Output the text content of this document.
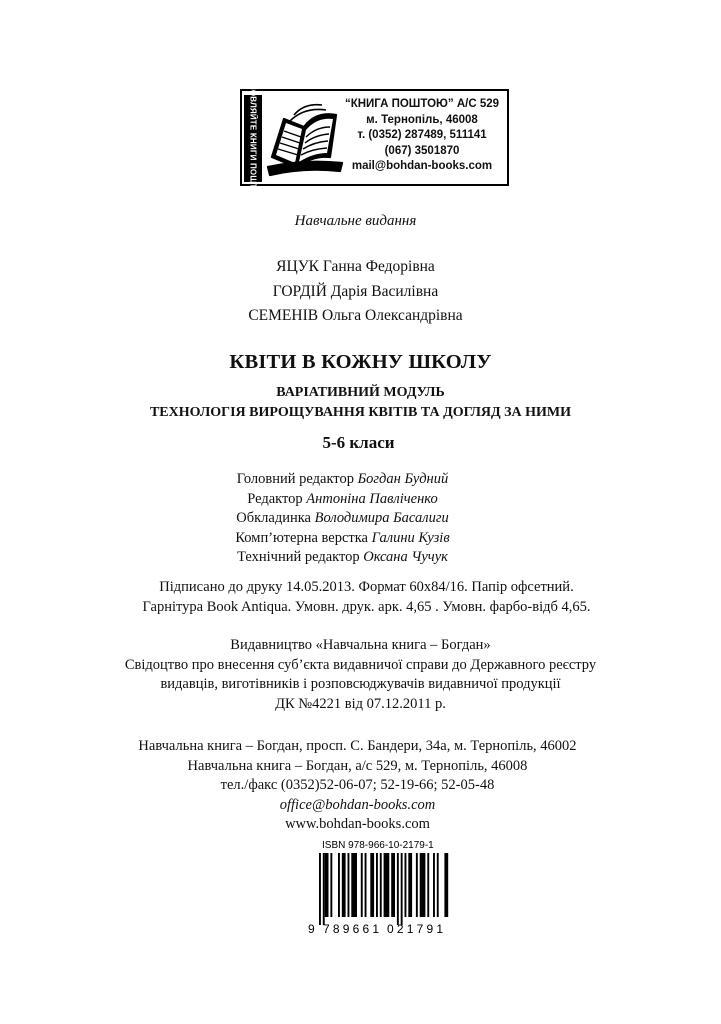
ЗАМОВЛЯЙТЕ КНИГИ ПОШТОЮ:	“КНИГА ПОШТОЮ” А/С 529
м. Тернопіль, 46008
т. (0352) 287489, 511141
(067) 3501870
mail@bohdan-books.com
Навчальне видання
ЯЦУК Ганна Федорівна
ГОРДІЙ Дарія Василівна
СЕМЕНІВ Ольга Олександрівна
КВІТИ В КОЖНУ ШКОЛУ
ВАРІАТИВНИЙ МОДУЛЬ
ТЕХНОЛОГІЯ ВИРОЩУВАННЯ КВІТІВ ТА ДОГЛЯД ЗА НИМИ
5-6 класи
Головний редактор Богдан Будний
Редактор Антоніна Павліченко
Обкладинка Володимира Басалиги
Комп’ютерна верстка Галини Кузів
Технічний редактор Оксана Чучук
Підписано до друку 14.05.2013. Формат 60х84/16. Папір офсетний.
Гарнітура Book Antiqua. Умовн. друк. арк. 4,65 . Умовн. фарбо-відб 4,65.
Видавництво «Навчальна книга – Богдан»
Свідоцтво про внесення суб’єкта видавничої справи до Державного реєстру
видавців, виготівників і розповсюджувачів видавничої продукції
ДК №4221 від 07.12.2011 р.
Навчальна книга – Богдан, просп. С. Бандери, 34а, м. Тернопіль, 46002
Навчальна книга – Богдан, а/с 529, м. Тернопіль, 46008
тел./факс (0352)52-06-07; 52-19-66; 52-05-48
office@bohdan-books.com
www.bohdan-books.com
ISBN 978-966-10-2179-1
9 789661 021791
